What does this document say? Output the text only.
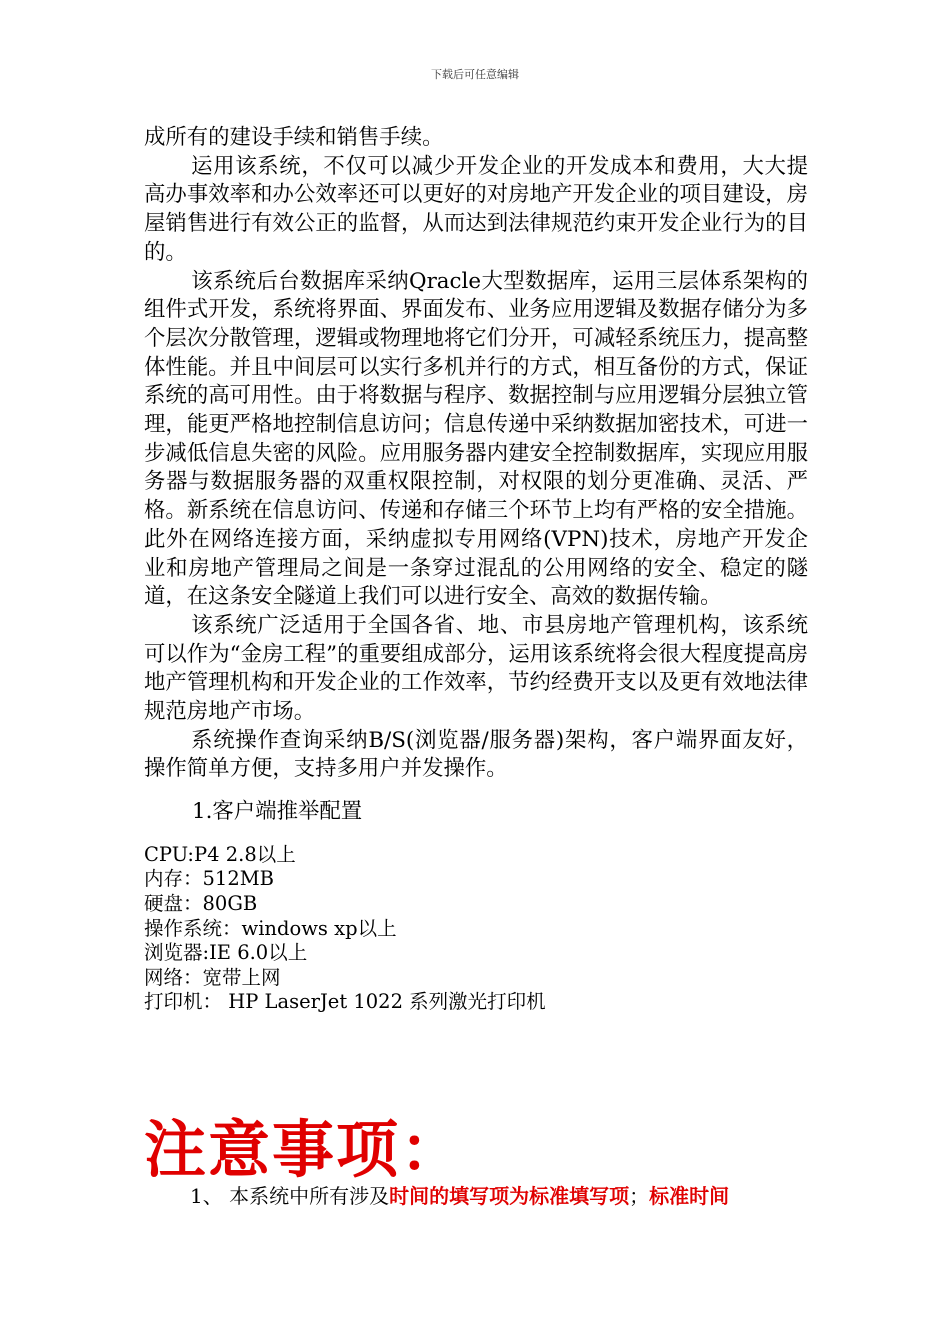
下载后可任意编辑

成所有的建设手续和销售手续。

运用该系统，不仅可以减少开发企业的开发成本和费用，大大提高办事效率和办公效率还可以更好的对房地产开发企业的项目建设，房屋销售进行有效公正的监督，从而达到法律规范约束开发企业行为的目的。

该系统后台数据库采纳Qracle大型数据库，运用三层体系架构的组件式开发，系统将界面、界面发布、业务应用逻辑及数据存储分为多个层次分散管理，逻辑或物理地将它们分开，可减轻系统压力，提高整体性能。并且中间层可以实行多机并行的方式，相互备份的方式，保证系统的高可用性。由于将数据与程序、数据控制与应用逻辑分层独立管理，能更严格地控制信息访问；信息传递中采纳数据加密技术，可进一步减低信息失密的风险。应用服务器内建安全控制数据库，实现应用服务器与数据服务器的双重权限控制，对权限的划分更准确、灵活、严格。新系统在信息访问、传递和存储三个环节上均有严格的安全措施。此外在网络连接方面，采纳虚拟专用网络(VPN)技术，房地产开发企业和房地产管理局之间是一条穿过混乱的公用网络的安全、稳定的隧道，在这条安全隧道上我们可以进行安全、高效的数据传输。

该系统广泛适用于全国各省、地、市县房地产管理机构，该系统可以作为“金房工程”的重要组成部分，运用该系统将会很大程度提高房地产管理机构和开发企业的工作效率，节约经费开支以及更有效地法律规范房地产市场。

系统操作查询采纳B/S(浏览器/服务器)架构，客户端界面友好，操作简单方便，支持多用户并发操作。

1.客户端推举配置

CPU:P4 2.8以上

内存：512MB

硬盘：80GB

操作系统：windows xp以上

浏览器:IE 6.0以上

网络：宽带上网

打印机： HP LaserJet 1022 系列激光打印机

注意事项：
1、 本系统中所有涉及时间的填写项为标准填写项；标准时间
